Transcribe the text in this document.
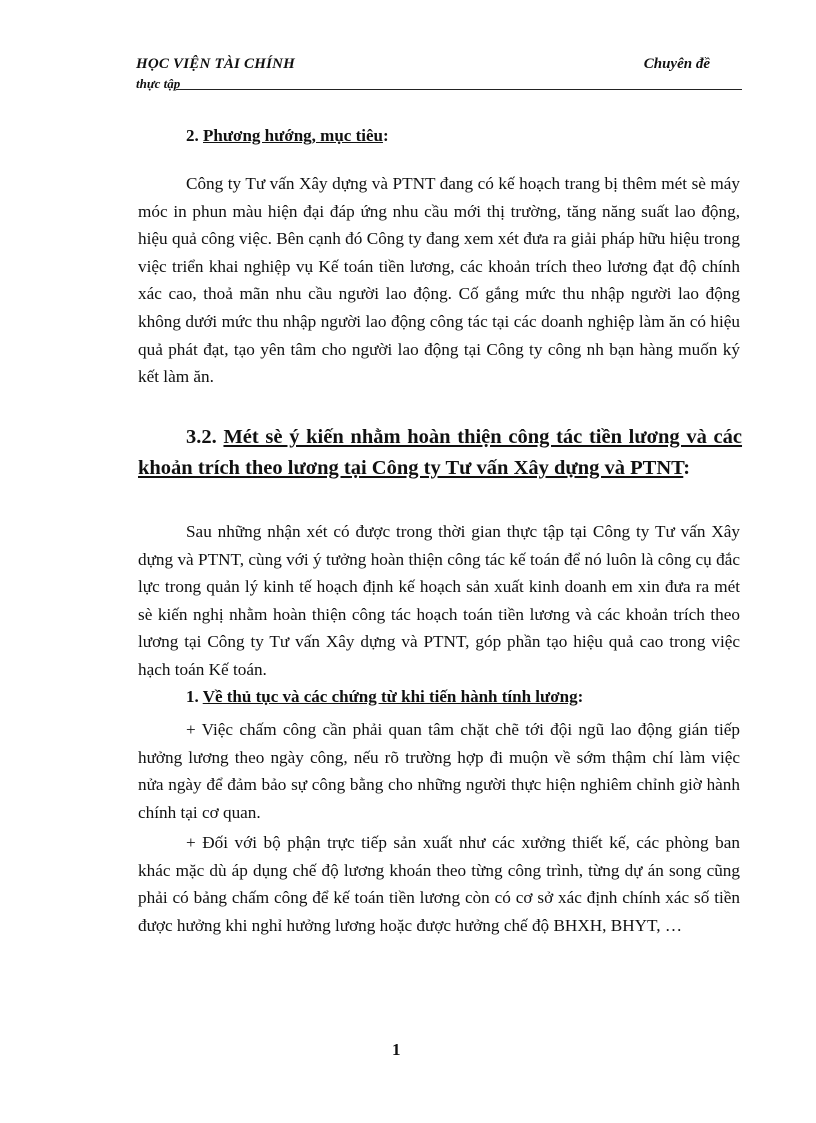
HỌC VIỆN TÀI CHÍNH	Chuyên đề
thực tập
2. Phương hướng, mục tiêu:

Công ty Tư vấn Xây dựng và PTNT đang có kế hoạch trang bị thêm mét sè máy móc in phun màu hiện đại đáp ứng nhu cầu mới thị trường, tăng năng suất lao động, hiệu quả công việc. Bên cạnh đó Công ty đang xem xét đưa ra giải pháp hữu hiệu trong việc triển khai nghiệp vụ Kế toán tiền lương, các khoản trích theo lương đạt độ chính xác cao, thoả mãn nhu cầu người lao động. Cố gắng mức thu nhập người lao động không dưới mức thu nhập người lao động công tác tại các doanh nghiệp làm ăn có hiệu quả phát đạt, tạo yên tâm cho người lao động tại Công ty công nh bạn hàng muốn ký kết làm ăn.

3.2. Mét sè ý kiến nhằm hoàn thiện công tác tiền lương và các khoản trích theo lương tại Công ty Tư vấn Xây dựng và PTNT:

Sau những nhận xét có được trong thời gian thực tập tại Công ty Tư vấn Xây dựng và PTNT, cùng với ý tưởng hoàn thiện công tác kế toán để nó luôn là công cụ đắc lực trong quản lý kinh tế hoạch định kế hoạch sản xuất kinh doanh em xin đưa ra mét sè kiến nghị nhằm hoàn thiện công tác hoạch toán tiền lương và các khoản trích theo lương tại Công ty Tư vấn Xây dựng và PTNT, góp phần tạo hiệu quả cao trong việc hạch toán Kế toán.

1. Về thủ tục và các chứng từ khi tiến hành tính lương:

+ Việc chấm công cần phải quan tâm chặt chẽ tới đội ngũ lao động gián tiếp hưởng lương theo ngày công, nếu rõ trường hợp đi muộn về sớm thậm chí làm việc nửa ngày để đảm bảo sự công bằng cho những người thực hiện nghiêm chỉnh giờ hành chính tại cơ quan.

+ Đối với bộ phận trực tiếp sản xuất như các xưởng thiết kế, các phòng ban khác mặc dù áp dụng chế độ lương khoán theo từng công trình, từng dự án song cũng phải có bảng chấm công để kế toán tiền lương còn có cơ sở xác định chính xác số tiền được hưởng khi nghỉ hưởng lương hoặc được hưởng chế độ BHXH, BHYT, …

1
